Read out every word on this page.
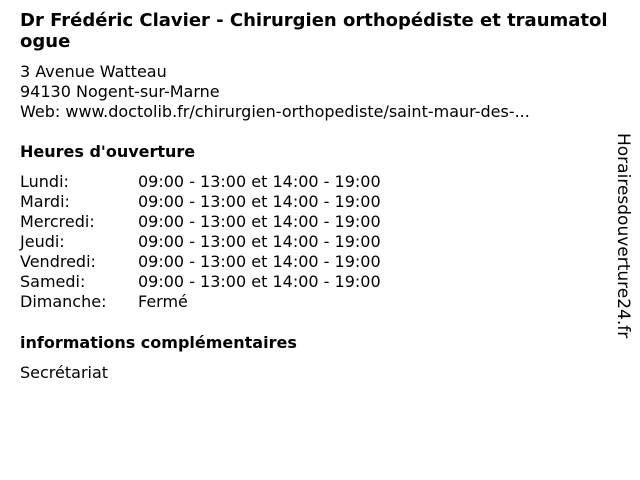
Dr Frédéric Clavier - Chirurgien orthopédiste et traumatologue
3 Avenue Watteau
94130 Nogent-sur-Marne
Web: www.doctolib.fr/chirurgien-orthopediste/saint-maur-des-...
Heures d'ouverture
Lundi:	09:00 - 13:00 et 14:00 - 19:00
Mardi:	09:00 - 13:00 et 14:00 - 19:00
Mercredi:	09:00 - 13:00 et 14:00 - 19:00
Jeudi:	09:00 - 13:00 et 14:00 - 19:00
Vendredi:	09:00 - 13:00 et 14:00 - 19:00
Samedi:	09:00 - 13:00 et 14:00 - 19:00
Dimanche:	Fermé
informations complémentaires
Secrétariat
Horairesdouverture24.fr
